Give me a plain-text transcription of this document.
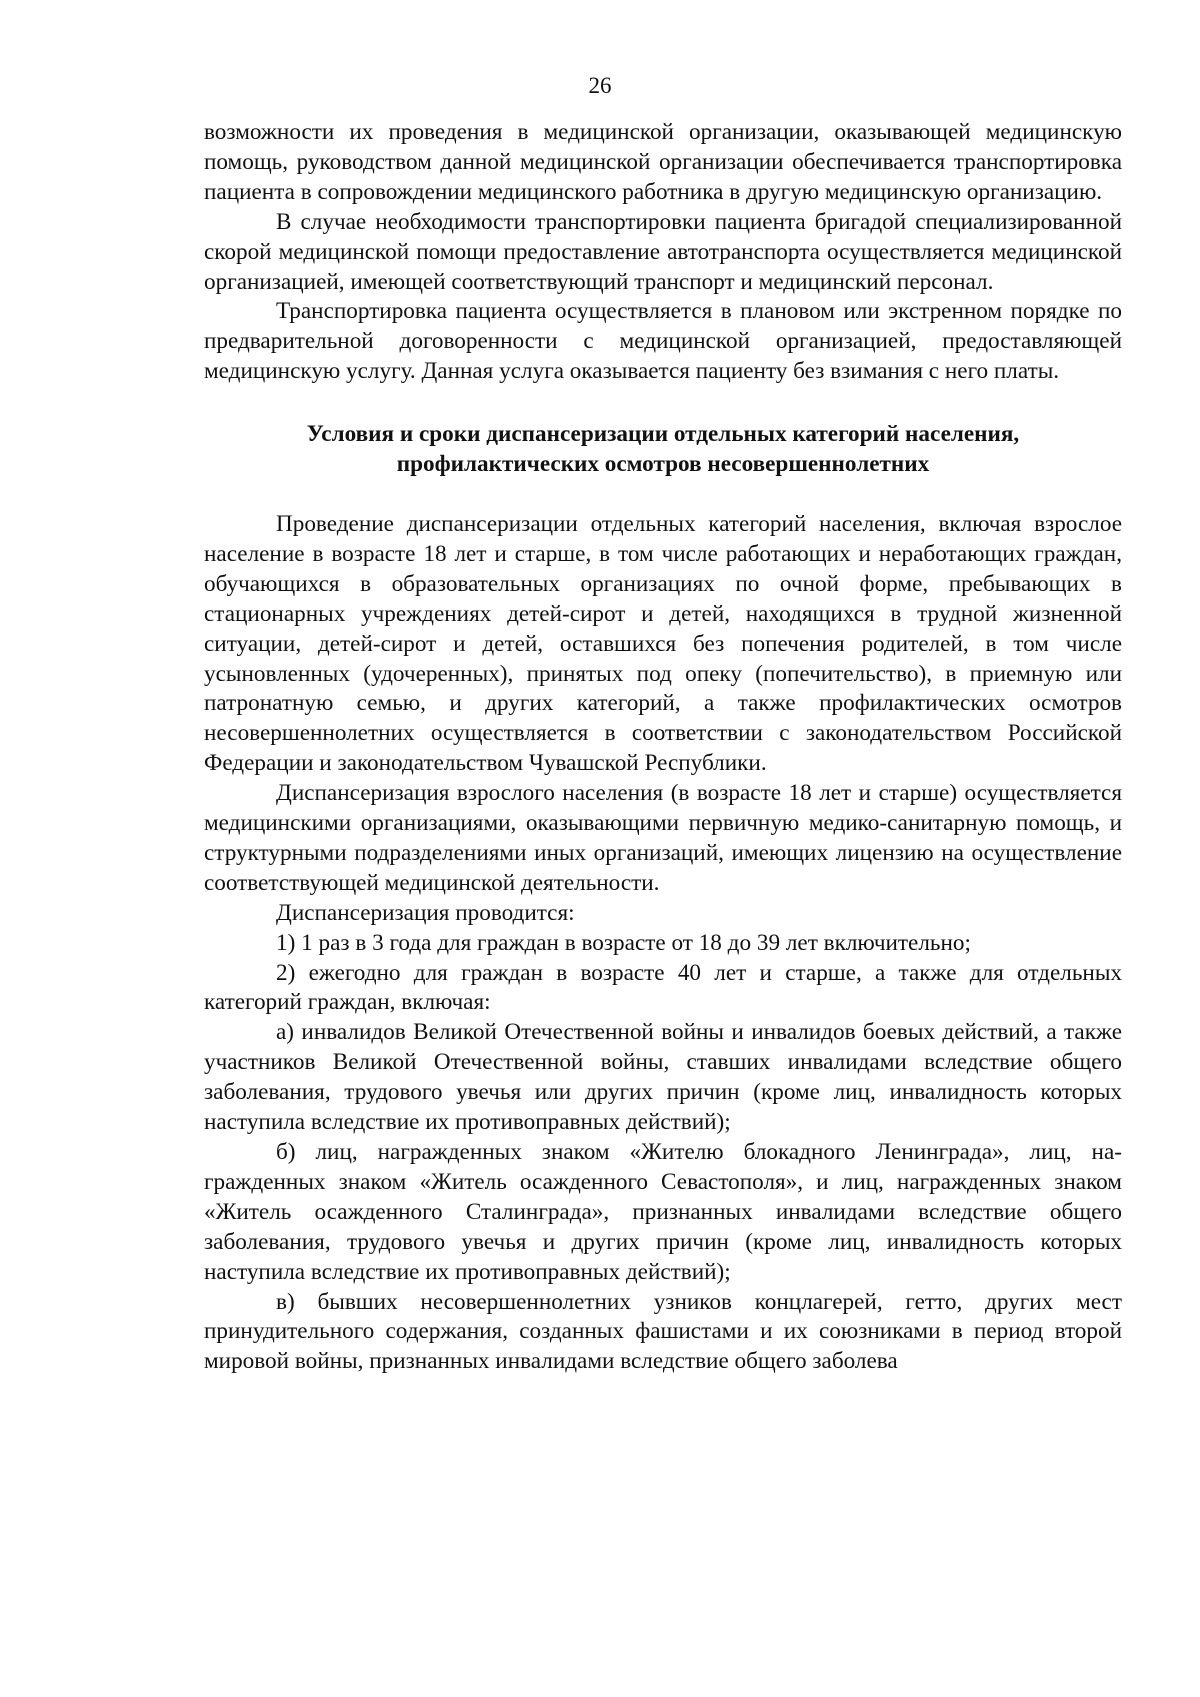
26

возможности их проведения в медицинской организации, оказывающей медицинскую помощь, руководством данной медицинской организации обеспечивается транспортировка пациента в сопровождении медицинского работника в другую медицинскую организацию.

В случае необходимости транспортировки пациента бригадой специализированной скорой медицинской помощи предоставление автотранспорта осуществляется медицинской организацией, имеющей соответствующий транспорт и медицинский персонал.

Транспортировка пациента осуществляется в плановом или экстренном порядке по предварительной договоренности с медицинской организацией, предоставляющей медицинскую услугу. Данная услуга оказывается пациенту без взимания с него платы.

Условия и сроки диспансеризации отдельных категорий населения,
профилактических осмотров несовершеннолетних

Проведение диспансеризации отдельных категорий населения, включая взрослое население в возрасте 18 лет и старше, в том числе работающих и неработающих граждан, обучающихся в образовательных организациях по очной форме, пребывающих в стационарных учреждениях детей-сирот и детей, находящихся в трудной жизненной ситуации, детей-сирот и детей, оставшихся без попечения родителей, в том числе усыновленных (удочеренных), принятых под опеку (попечительство), в приемную или патронатную семью, и других категорий, а также профилактических осмотров несовершеннолетних осуществляется в соответствии с законодательством Российской Федерации и законодательством Чувашской Республики.

Диспансеризация взрослого населения (в возрасте 18 лет и старше) осуществляется медицинскими организациями, оказывающими первичную медико-санитарную помощь, и структурными подразделениями иных организаций, имеющих лицензию на осуществление соответствующей медицинской деятельности.

Диспансеризация проводится:

1) 1 раз в 3 года для граждан в возрасте от 18 до 39 лет включительно;

2) ежегодно для граждан в возрасте 40 лет и старше, а также для отдельных категорий граждан, включая:

а) инвалидов Великой Отечественной войны и инвалидов боевых действий, а также участников Великой Отечественной войны, ставших инвалидами вследствие общего заболевания, трудового увечья или других причин (кроме лиц, инвалидность которых наступила вследствие их противоправных действий);

б) лиц, награжденных знаком «Жителю блокадного Ленинграда», лиц, награжденных знаком «Житель осажденного Севастополя», и лиц, награжденных знаком «Житель осажденного Сталинграда», признанных инвалидами вследствие общего заболевания, трудового увечья и других причин (кроме лиц, инвалидность которых наступила вследствие их противоправных действий);

в) бывших несовершеннолетних узников концлагерей, гетто, других мест принудительного содержания, созданных фашистами и их союзниками в период второй мировой войны, признанных инвалидами вследствие общего заболева
